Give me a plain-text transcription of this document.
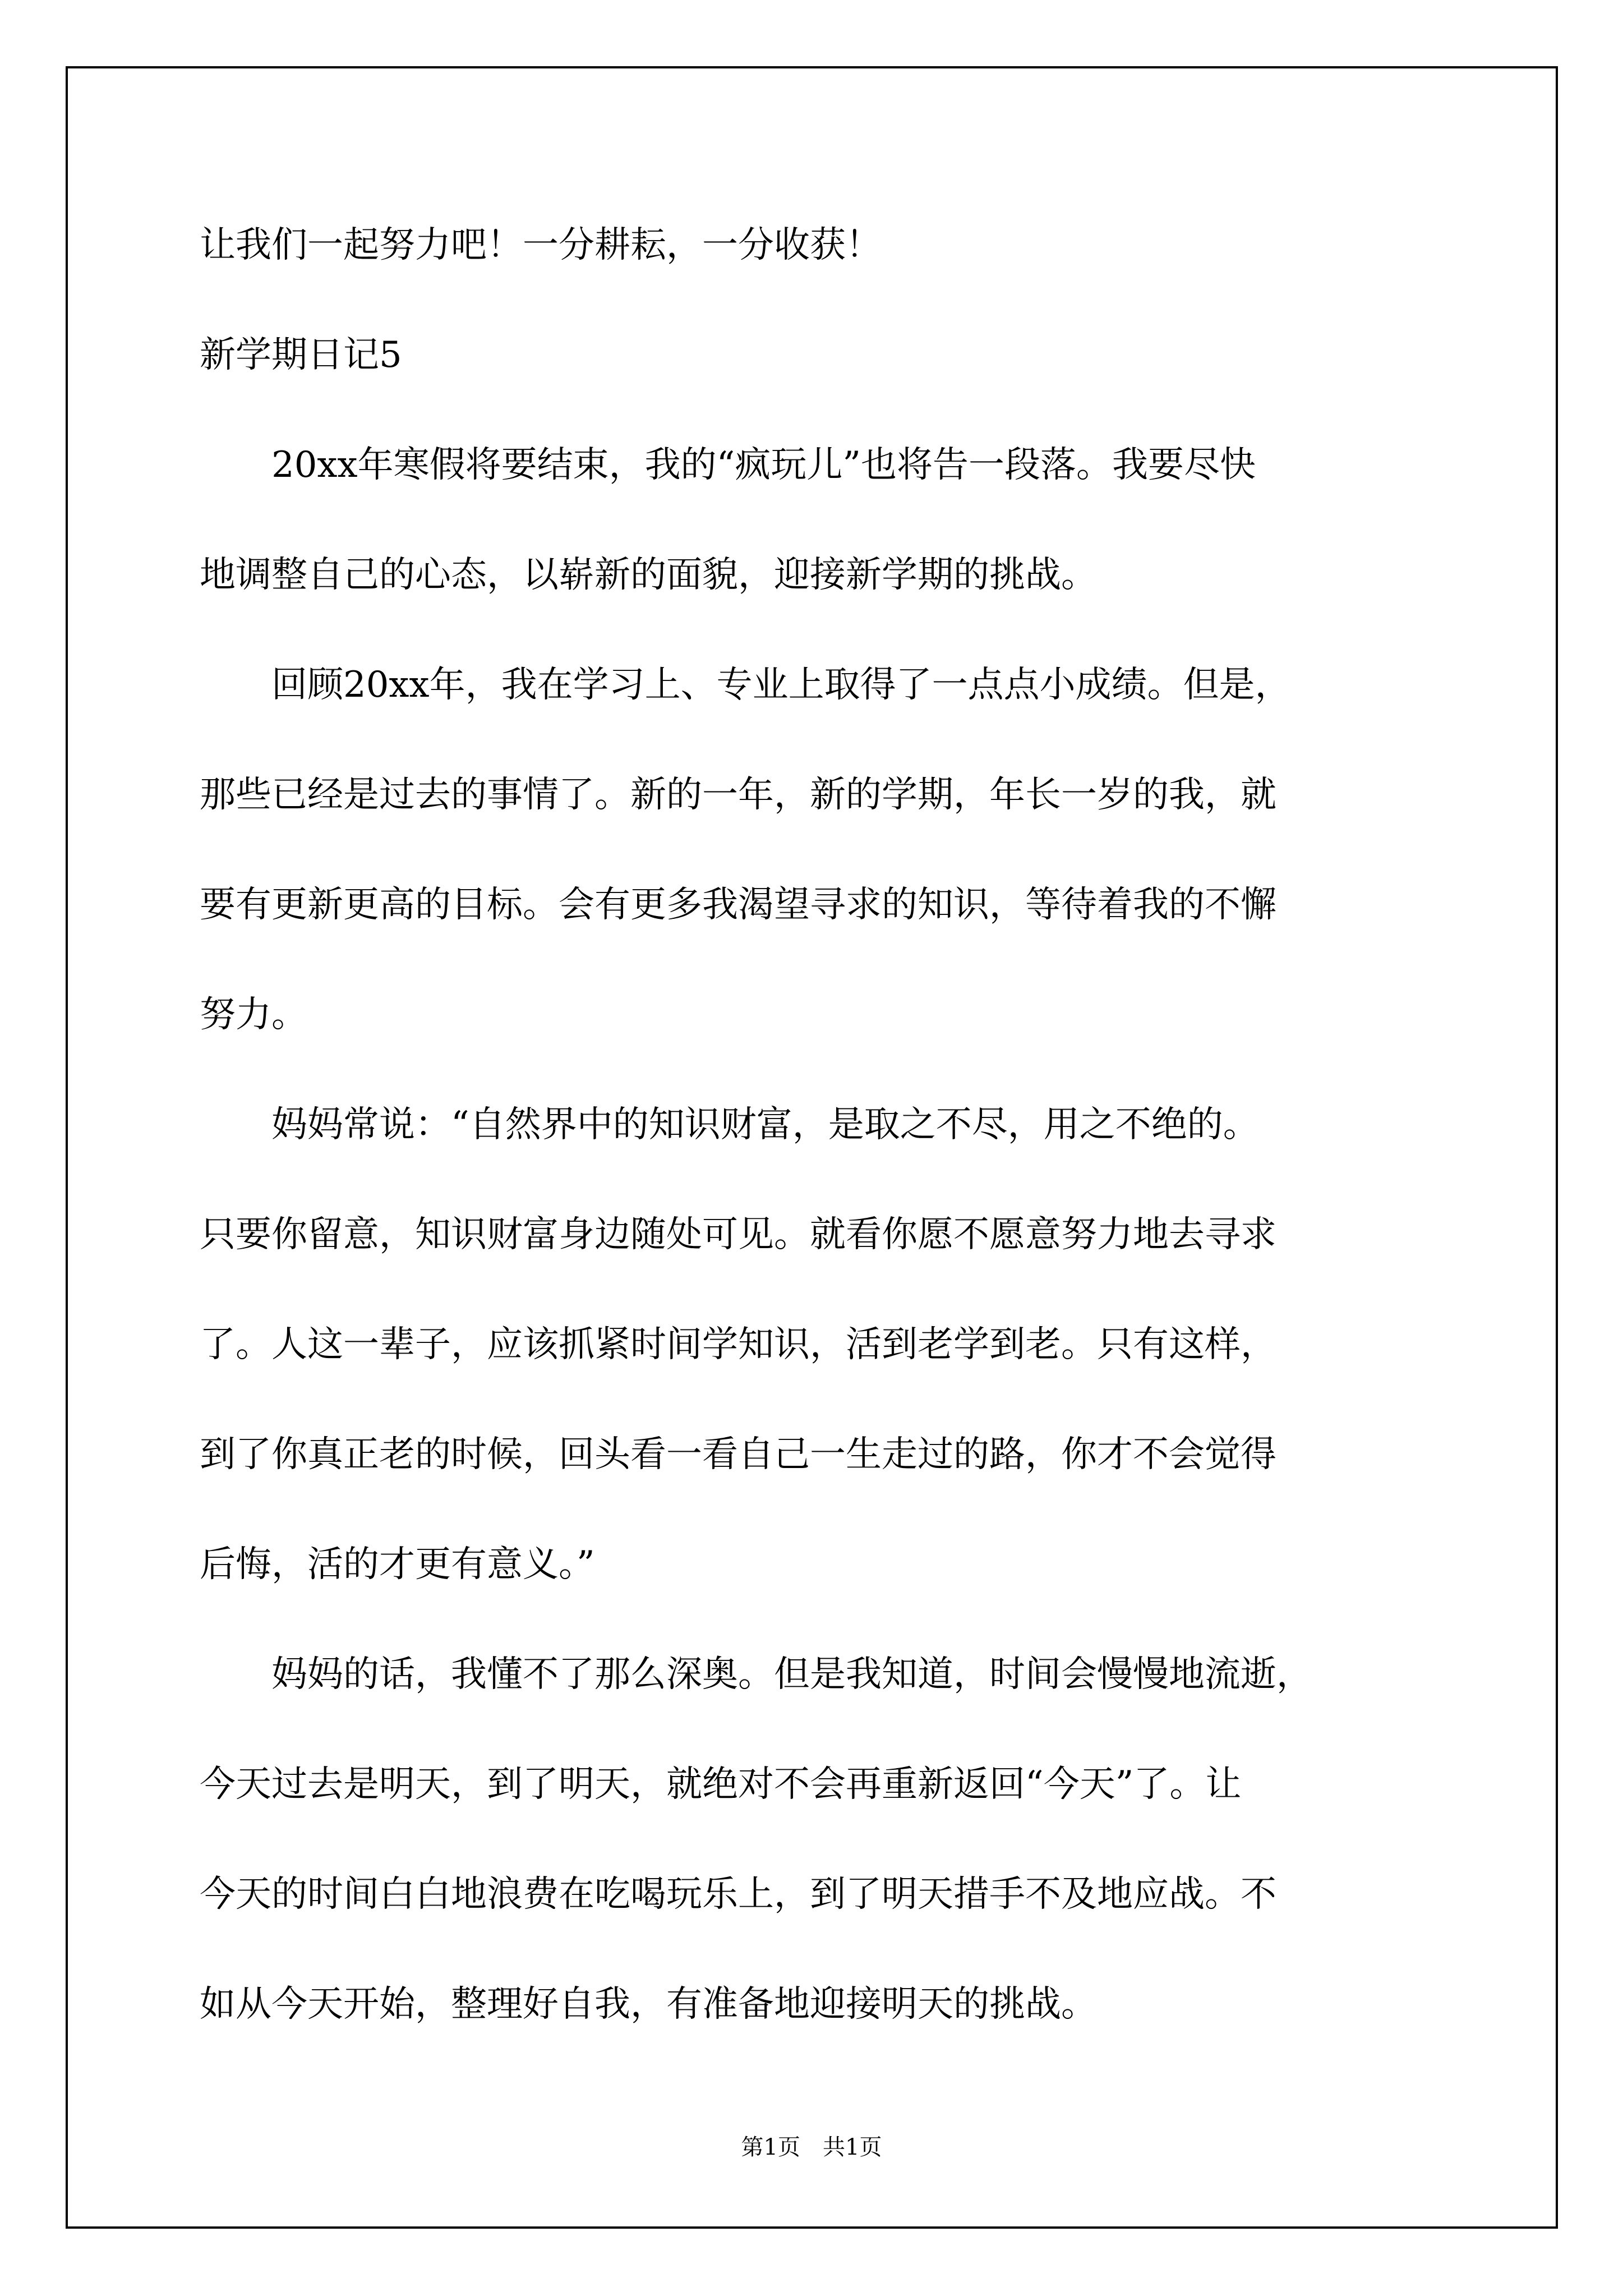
让我们一起努力吧！一分耕耘，一分收获！
新学期日记5
　　20xx年寒假将要结束，我的“疯玩儿”也将告一段落。我要尽快
地调整自己的心态，以崭新的面貌，迎接新学期的挑战。
　　回顾20xx年，我在学习上、专业上取得了一点点小成绩。但是，
那些已经是过去的事情了。新的一年，新的学期，年长一岁的我，就
要有更新更高的目标。会有更多我渴望寻求的知识，等待着我的不懈
努力。
　　妈妈常说：“自然界中的知识财富，是取之不尽，用之不绝的。
只要你留意，知识财富身边随处可见。就看你愿不愿意努力地去寻求
了。人这一辈子，应该抓紧时间学知识，活到老学到老。只有这样，
到了你真正老的时候，回头看一看自己一生走过的路，你才不会觉得
后悔，活的才更有意义。”
　　妈妈的话，我懂不了那么深奥。但是我知道，时间会慢慢地流逝，
今天过去是明天，到了明天，就绝对不会再重新返回“今天”了。让
今天的时间白白地浪费在吃喝玩乐上，到了明天措手不及地应战。不
如从今天开始，整理好自我，有准备地迎接明天的挑战。
第1页　共1页
